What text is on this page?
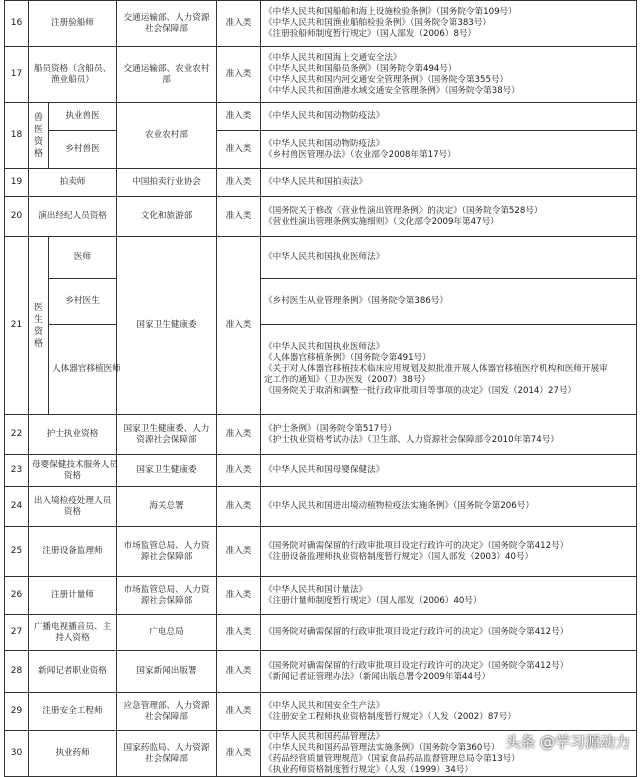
16	注册验船师		交通运输部、人力资源
社会保障部	准入类	《中华人民共和国船舶和海上设施检验条例》（国务院令第109号）
《中华人民共和国渔业船舶检验条例》（国务院令第383号）
《注册验船师制度暂行规定》（国人部发（2006）8号）

17	船员资格（含船员、
渔业船员）		交通运输部、农业农村
部	准入类	《中华人民共和国海上交通安全法》
《中华人民共和国船员条例》（国务院令第494号）
《中华人民共和国内河交通安全管理条例》（国务院令第355号）
《中华人民共和国渔港水域交通安全管理条例》（国务院令第38号）

18	兽
医
资
格	执业兽医	农业农村部	准入类	《中华人民共和国动物防疫法》

		乡村兽医		准入类	《中华人民共和国动物防疫法》
《乡村兽医管理办法》（农业部令2008年第17号）

19	拍卖师		中国拍卖行业协会	准入类	《中华人民共和国拍卖法》

20	演出经纪人员资格		文化和旅游部	准入类	《国务院关于修改〈营业性演出管理条例〉的决定》（国务院令第528号）
《营业性演出管理条例实施细则》（文化部令2009年第47号）

21	医
生
资
格	医师	国家卫生健康委	准入类	《中华人民共和国执业医师法》

		乡村医生			《乡村医生从业管理条例》（国务院令第386号）

		人体器官移植医师			《中华人民共和国执业医师法》
《人体器官移植条例》（国务院令第491号）
《关于对人体器官移植技术临床应用规划及拟批准开展人体器官移植医疗机构和医师开展审
定工作的通知》（卫办医发（2007）38号）
《国务院关于取消和调整一批行政审批项目等事项的决定》（国发（2014）27号）

22	护士执业资格		国家卫生健康委、人力
资源社会保障部	准入类	《护士条例》（国务院令第517号）
《护士执业资格考试办法》（卫生部、人力资源社会保障部令2010年第74号）

23	母婴保健技术服务人员
资格		国家卫生健康委	准入类	《中华人民共和国母婴保健法》

24	出入境检疫处理人员
资格		海关总署	准入类	《中华人民共和国进出境动植物检疫法实施条例》（国务院令第206号）

25	注册设备监理师		市场监管总局、人力资
源社会保障部	准入类	《国务院对确需保留的行政审批项目设定行政许可的决定》（国务院令第412号）
《注册设备监理师执业资格制度暂行规定》（国人部发（2003）40号）

26	注册计量师		市场监管总局、人力资
源社会保障部	准入类	《中华人民共和国计量法》
《注册计量师制度暂行规定》（国人部发（2006）40号）

27	广播电视播音员、主
持人资格		广电总局	准入类	《国务院对确需保留的行政审批项目设定行政许可的决定》（国务院令第412号）

28	新闻记者职业资格		国家新闻出版署	准入类	《国务院对确需保留的行政审批项目设定行政许可的决定》（国务院令第412号）
《新闻记者证管理办法》（新闻出版总署令2009年第44号）

29	注册安全工程师		应急管理部、人力资源
社会保障部	准入类	《中华人民共和国安全生产法》
《注册安全工程师执业资格制度暂行规定》（人发（2002）87号）

30	执业药师		国家药监局、人力资源
社会保障部	准入类	《中华人民共和国药品管理法》
《中华人民共和国药品管理法实施条例》（国务院令第360号）
《药品经营质量管理规范》（国家食品药品监督管理总局令第13号）
《执业药师资格制度暂行规定》（人发（1999）34号）
头条 @学习源动力
